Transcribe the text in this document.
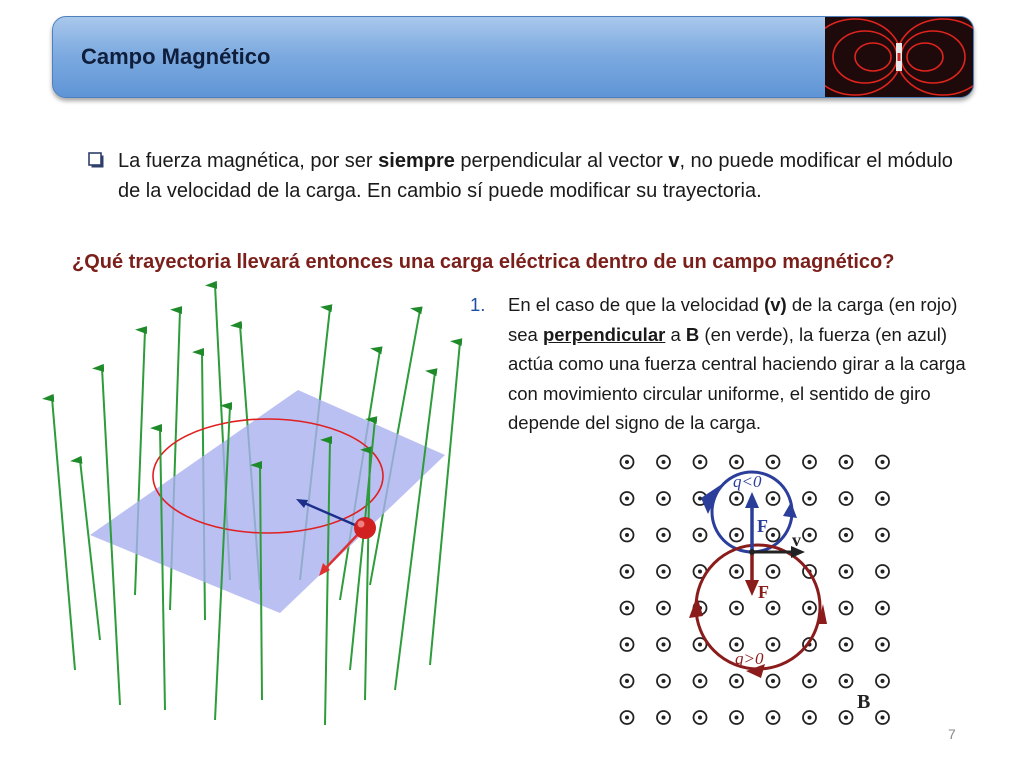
Campo Magnético
La fuerza magnética, por ser siempre perpendicular al vector v, no puede modificar el módulo de la velocidad de la carga. En cambio sí puede modificar su trayectoria.
¿Qué trayectoria llevará entonces una carga eléctrica dentro de un campo magnético?
1. En el caso de que la velocidad (v) de la carga (en rojo) sea perpendicular a B (en verde), la fuerza (en azul) actúa como una fuerza central haciendo girar a la carga con movimiento circular uniforme, el sentido de giro depende del signo de la carga.
q<0
F
v
F
q>0
B
7
